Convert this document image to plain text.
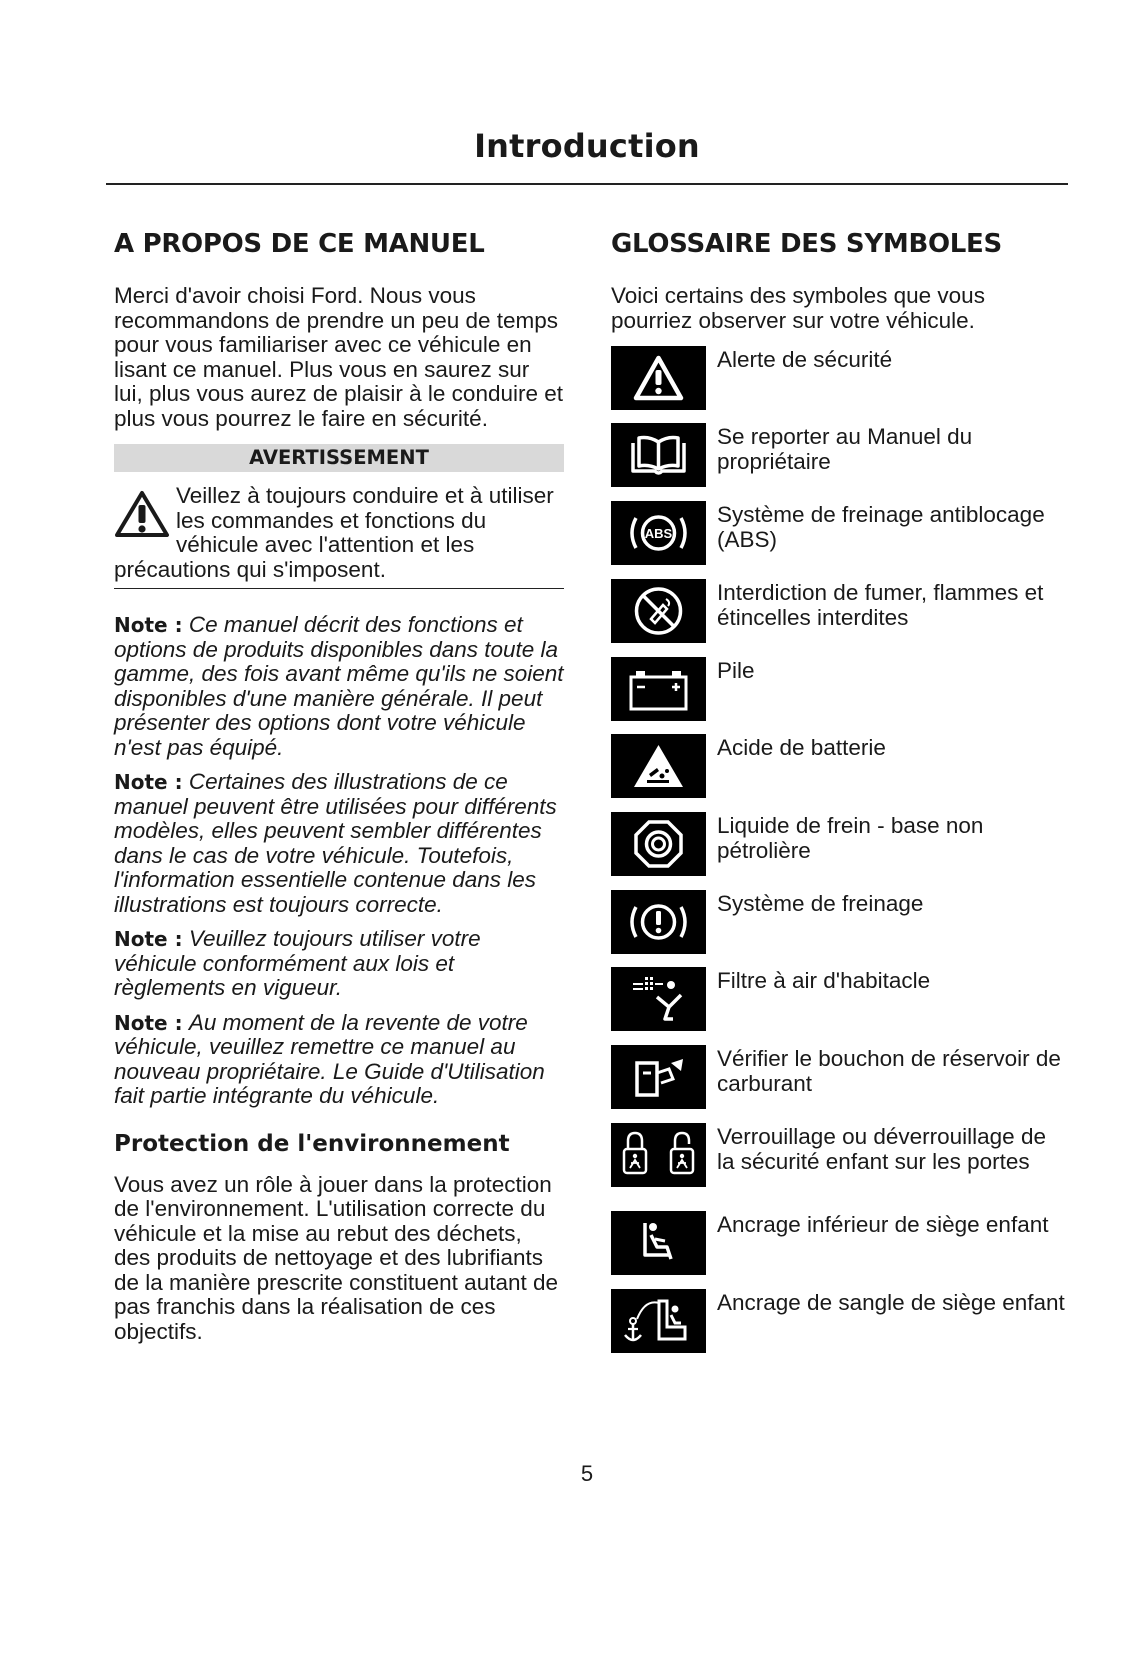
Introduction
A PROPOS DE CE MANUEL

Merci d'avoir choisi Ford. Nous vous recommandons de prendre un peu de temps pour vous familiariser avec ce véhicule en lisant ce manuel. Plus vous en saurez sur lui, plus vous aurez de plaisir à le conduire et plus vous pourrez le faire en sécurité.

AVERTISSEMENT
Veillez à toujours conduire et à utiliser les commandes et fonctions du véhicule avec l'attention et les précautions qui s'imposent.

Note : Ce manuel décrit des fonctions et options de produits disponibles dans toute la gamme, des fois avant même qu'ils ne soient disponibles d'une manière générale. Il peut présenter des options dont votre véhicule n'est pas équipé.

Note : Certaines des illustrations de ce manuel peuvent être utilisées pour différents modèles, elles peuvent sembler différentes dans le cas de votre véhicule. Toutefois, l'information essentielle contenue dans les illustrations est toujours correcte.

Note : Veuillez toujours utiliser votre véhicule conformément aux lois et règlements en vigueur.

Note : Au moment de la revente de votre véhicule, veuillez remettre ce manuel au nouveau propriétaire. Le Guide d'Utilisation fait partie intégrante du véhicule.

Protection de l'environnement

Vous avez un rôle à jouer dans la protection de l'environnement. L'utilisation correcte du véhicule et la mise au rebut des déchets, des produits de nettoyage et des lubrifiants de la manière prescrite constituent autant de pas franchis dans la réalisation de ces objectifs.

GLOSSAIRE DES SYMBOLES

Voici certains des symboles que vous pourriez observer sur votre véhicule.

Alerte de sécurité
Se reporter au Manuel du propriétaire
ABS
Système de freinage antiblocage (ABS)
Interdiction de fumer, flammes et étincelles interdites
Pile
Acide de batterie
Liquide de frein - base non pétrolière
Système de freinage
Filtre à air d'habitacle
Vérifier le bouchon de réservoir de carburant
Verrouillage ou déverrouillage de la sécurité enfant sur les portes
Ancrage inférieur de siège enfant
Ancrage de sangle de siège enfant
5
